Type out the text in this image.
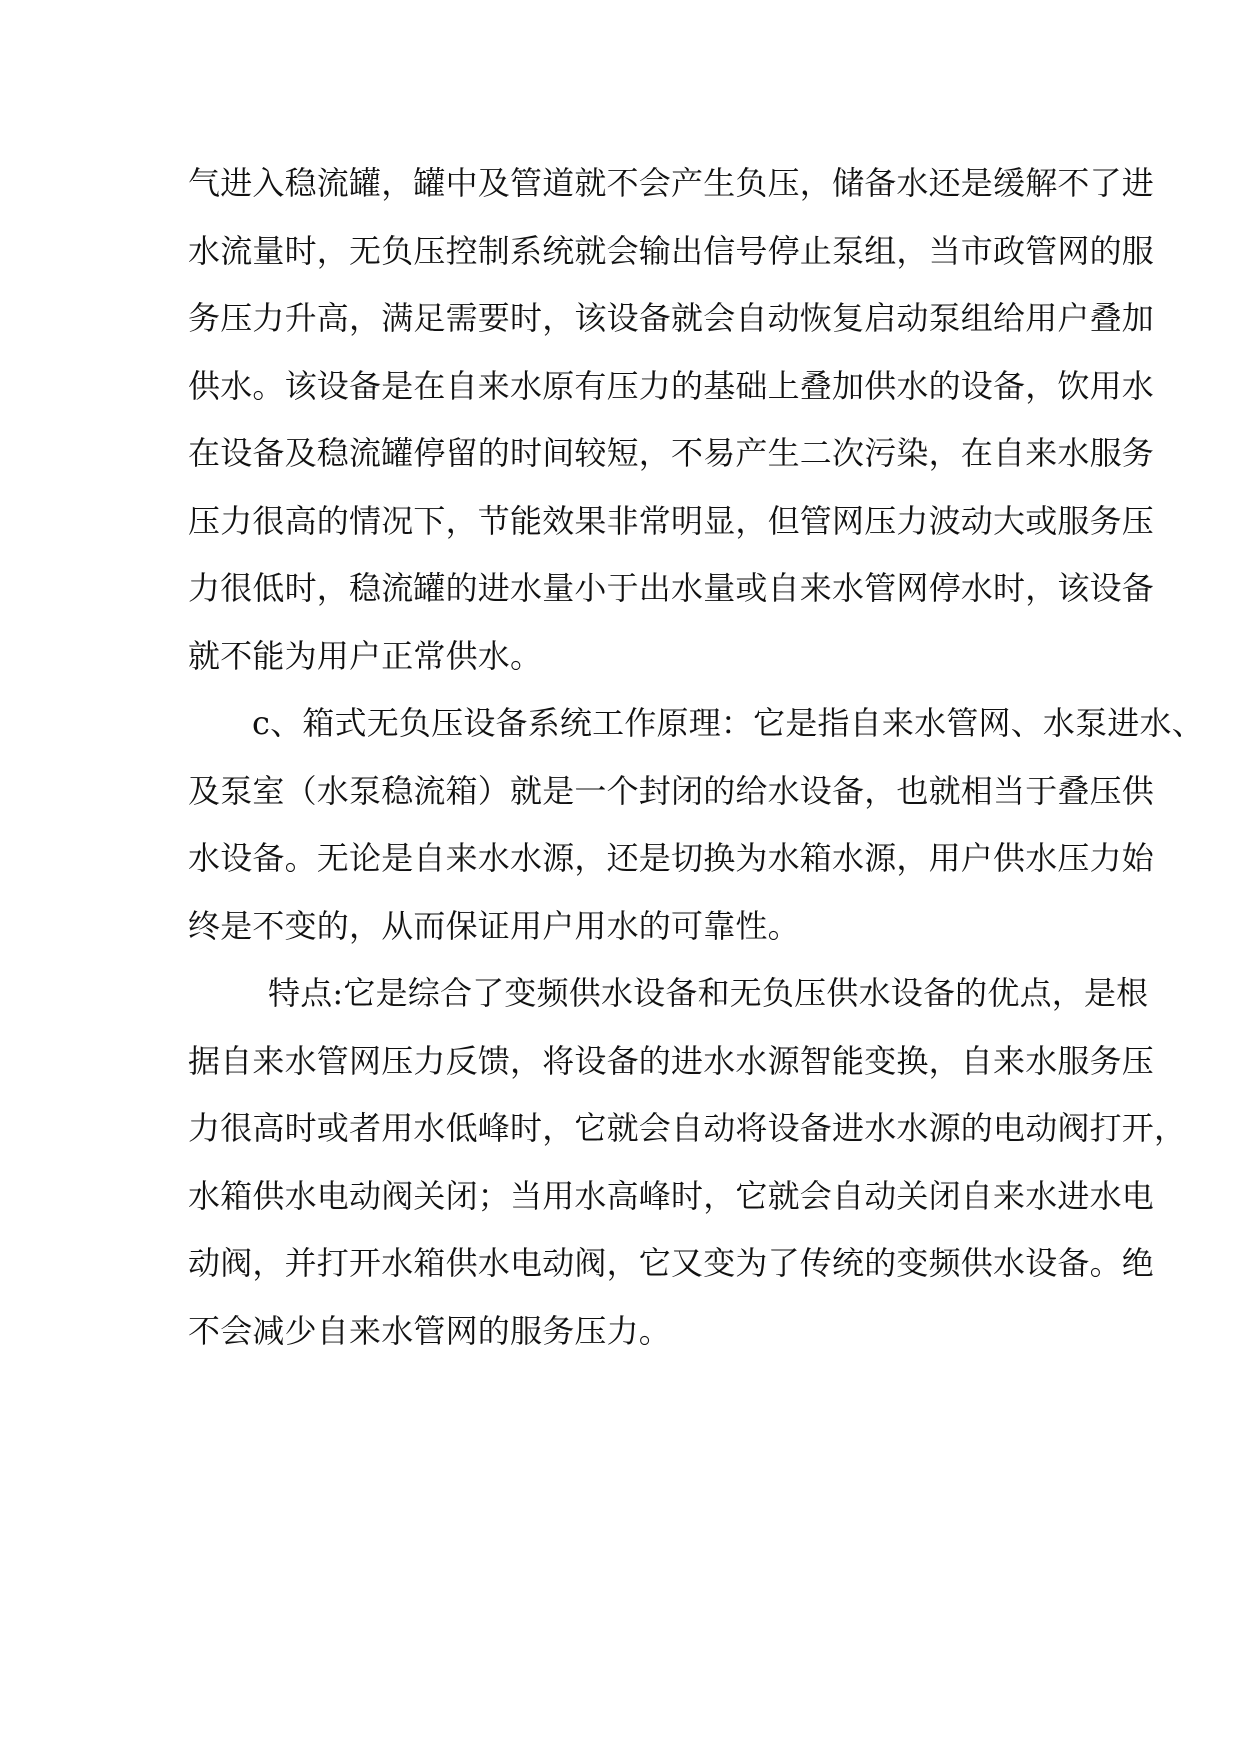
气进入稳流罐，罐中及管道就不会产生负压，储备水还是缓解不了进
水流量时，无负压控制系统就会输出信号停止泵组，当市政管网的服
务压力升高，满足需要时，该设备就会自动恢复启动泵组给用户叠加
供水。该设备是在自来水原有压力的基础上叠加供水的设备，饮用水
在设备及稳流罐停留的时间较短，不易产生二次污染，在自来水服务
压力很高的情况下，节能效果非常明显，但管网压力波动大或服务压
力很低时，稳流罐的进水量小于出水量或自来水管网停水时，该设备
就不能为用户正常供水。
c、箱式无负压设备系统工作原理：它是指自来水管网、水泵进水、
及泵室（水泵稳流箱）就是一个封闭的给水设备，也就相当于叠压供
水设备。无论是自来水水源，还是切换为水箱水源，用户供水压力始
终是不变的，从而保证用户用水的可靠性。
特点:它是综合了变频供水设备和无负压供水设备的优点，是根
据自来水管网压力反馈，将设备的进水水源智能变换，自来水服务压
力很高时或者用水低峰时，它就会自动将设备进水水源的电动阀打开，
水箱供水电动阀关闭；当用水高峰时，它就会自动关闭自来水进水电
动阀，并打开水箱供水电动阀，它又变为了传统的变频供水设备。绝
不会减少自来水管网的服务压力。
